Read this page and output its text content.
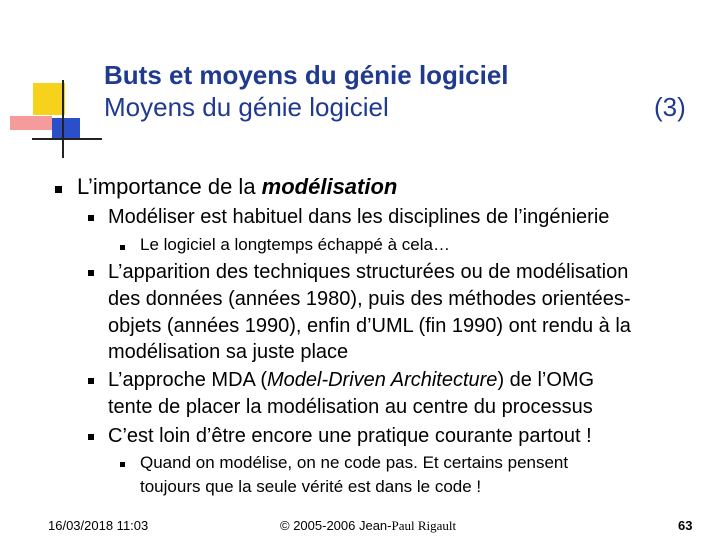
Buts et moyens du génie logiciel
Moyens du génie logiciel	(3)
L’importance de la modélisation
Modéliser est habituel dans les disciplines de l’ingénierie
Le logiciel a longtemps échappé à cela…
L’apparition des techniques structurées ou de modélisation
des données (années 1980), puis des méthodes orientées-
objets (années 1990), enfin d’UML (fin 1990) ont rendu à la
modélisation sa juste place
L’approche MDA (Model-Driven Architecture) de l’OMG
tente de placer la modélisation au centre du processus
C’est loin d’être encore une pratique courante partout !
Quand on modélise, on ne code pas. Et certains pensent
toujours que la seule vérité est dans le code !
16/03/2018 11:03	© 2005-2006 Jean-Paul Rigault	63
